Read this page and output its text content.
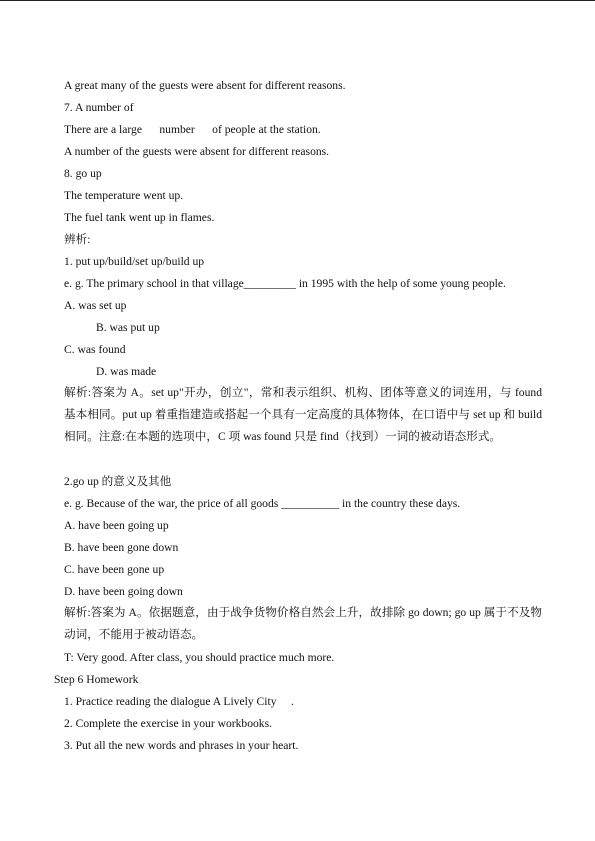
A great many of the guests were absent for different reasons.
7. A number of
There are a large      number      of people at the station.
A number of the guests were absent for different reasons.
8. go up
The temperature went up.
The fuel tank went up in flames.
辨析:
1. put up/build/set up/build up
e. g. The primary school in that village_________ in 1995 with the help of some young people.
A. was set up
B. was put up
C. was found
D. was made
解析:答案为 A。set up"开办，创立"，常和表示组织、机构、团体等意义的词连用，与 found 基本相同。put up 着重指建造或搭起一个具有一定高度的具体物体，在口语中与 set up 和 build 相同。注意:在本题的选项中，C 项 was found 只是 find（找到）一词的被动语态形式。
2.go up 的意义及其他
e. g. Because of the war, the price of all goods __________ in the country these days.
A. have been going up
B. have been gone down
C. have been gone up
D. have been going down
解析:答案为 A。依据题意，由于战争货物价格自然会上升，故排除 go down; go up 属于不及物动词，不能用于被动语态。
T: Very good. After class, you should practice much more.
Step 6 Homework
1. Practice reading the dialogue A Lively City     .
2. Complete the exercise in your workbooks.
3. Put all the new words and phrases in your heart.
